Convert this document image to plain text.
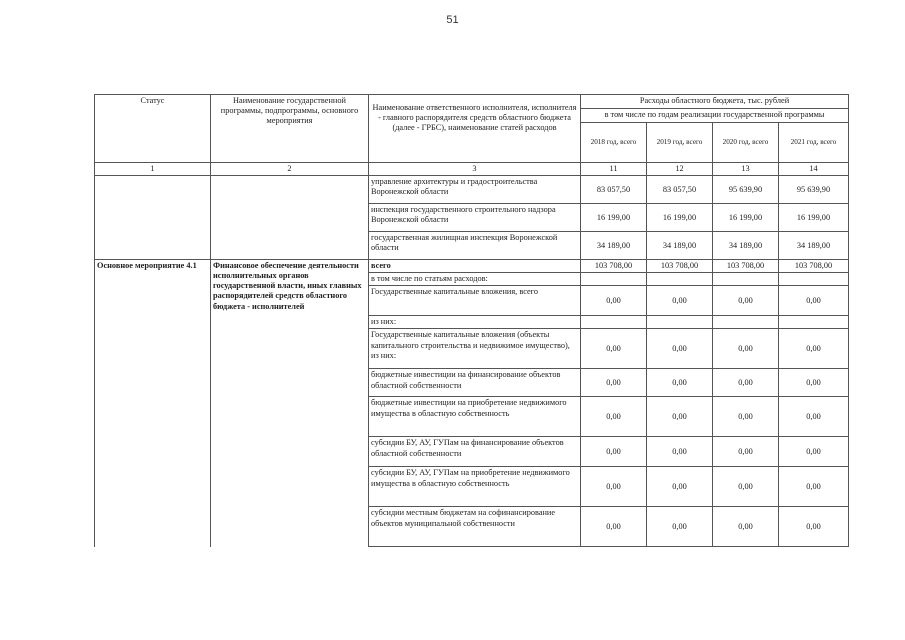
51
Статус	Наименование государственной программы, подпрограммы, основного мероприятия	Наименование ответственного исполнителя, исполнителя - главного распорядителя средств областного бюджета (далее - ГРБС), наименование статей расходов	Расходы областного бюджета, тыс. рублей			
			в том числе по годам реализации государственной программы			
			2018 год, всего	2019 год, всего	2020 год, всего	2021 год, всего
1	2	3	11	12	13	14
		управление архитектуры и градостроительства Воронежской области	83 057,50	83 057,50	95 639,90	95 639,90
		инспекция государственного строительного надзора Воронежской области	16 199,00	16 199,00	16 199,00	16 199,00
		государственная жилищная инспекция Воронежской области	34 189,00	34 189,00	34 189,00	34 189,00
Основное мероприятие 4.1	Финансовое обеспечение деятельности исполнительных органов государственной власти, иных главных распорядителей средств областного бюджета - исполнителей	всего	103 708,00	103 708,00	103 708,00	103 708,00
		в том числе по статьям расходов:				
		Государственные капитальные вложения, всего	0,00	0,00	0,00	0,00
		из них:				
		Государственные капитальные вложения (объекты капитального строительства и недвижимое имущество), из них:	0,00	0,00	0,00	0,00
		бюджетные инвестиции на финансирование объектов областной собственности	0,00	0,00	0,00	0,00
		бюджетные инвестиции на приобретение недвижимого имущества в областную собственность	0,00	0,00	0,00	0,00
		субсидии БУ, АУ, ГУПам на финансирование объектов областной собственности	0,00	0,00	0,00	0,00
		субсидии БУ, АУ, ГУПам на приобретение недвижимого имущества в областную собственность	0,00	0,00	0,00	0,00
		субсидии местным бюджетам на софинансирование объектов муниципальной собственности	0,00	0,00	0,00	0,00
